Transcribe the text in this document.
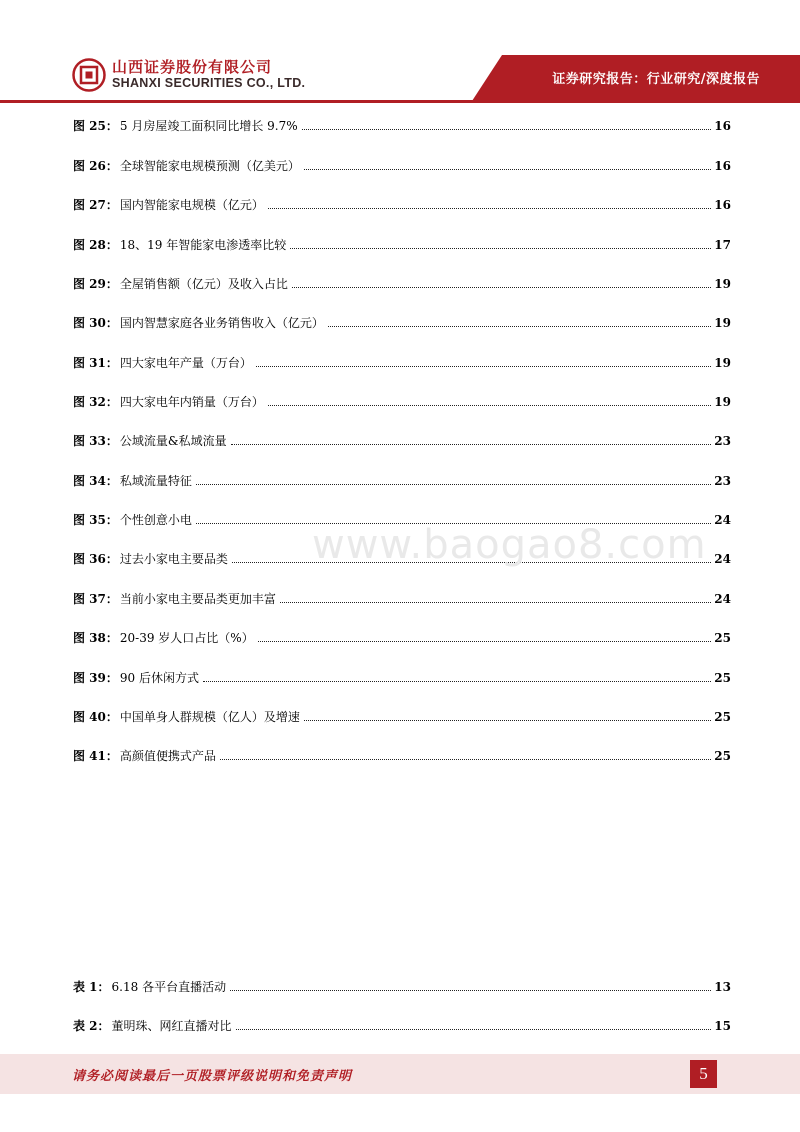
山西证券股份有限公司
SHANXI SECURITIES CO., LTD.	证券研究报告：行业研究/深度报告
图 25： 5 月房屋竣工面积同比增长 9.7%	16
图 26： 全球智能家电规模预测（亿美元）	16
图 27： 国内智能家电规模（亿元）	16
图 28： 18、19 年智能家电渗透率比较	17
图 29： 全屋销售额（亿元）及收入占比	19
图 30： 国内智慧家庭各业务销售收入（亿元）	19
图 31： 四大家电年产量（万台）	19
图 32： 四大家电年内销量（万台）	19
图 33： 公域流量&私域流量	23
图 34： 私域流量特征	23
图 35： 个性创意小电	24
图 36： 过去小家电主要品类	24
图 37： 当前小家电主要品类更加丰富	24
图 38： 20-39 岁人口占比（%）	25
图 39： 90 后休闲方式	25
图 40： 中国单身人群规模（亿人）及增速	25
图 41： 高颜值便携式产品	25
表 1： 6.18 各平台直播活动	13
表 2： 董明珠、网红直播对比	15
www.baogao8.com
请务必阅读最后一页股票评级说明和免责声明	5
